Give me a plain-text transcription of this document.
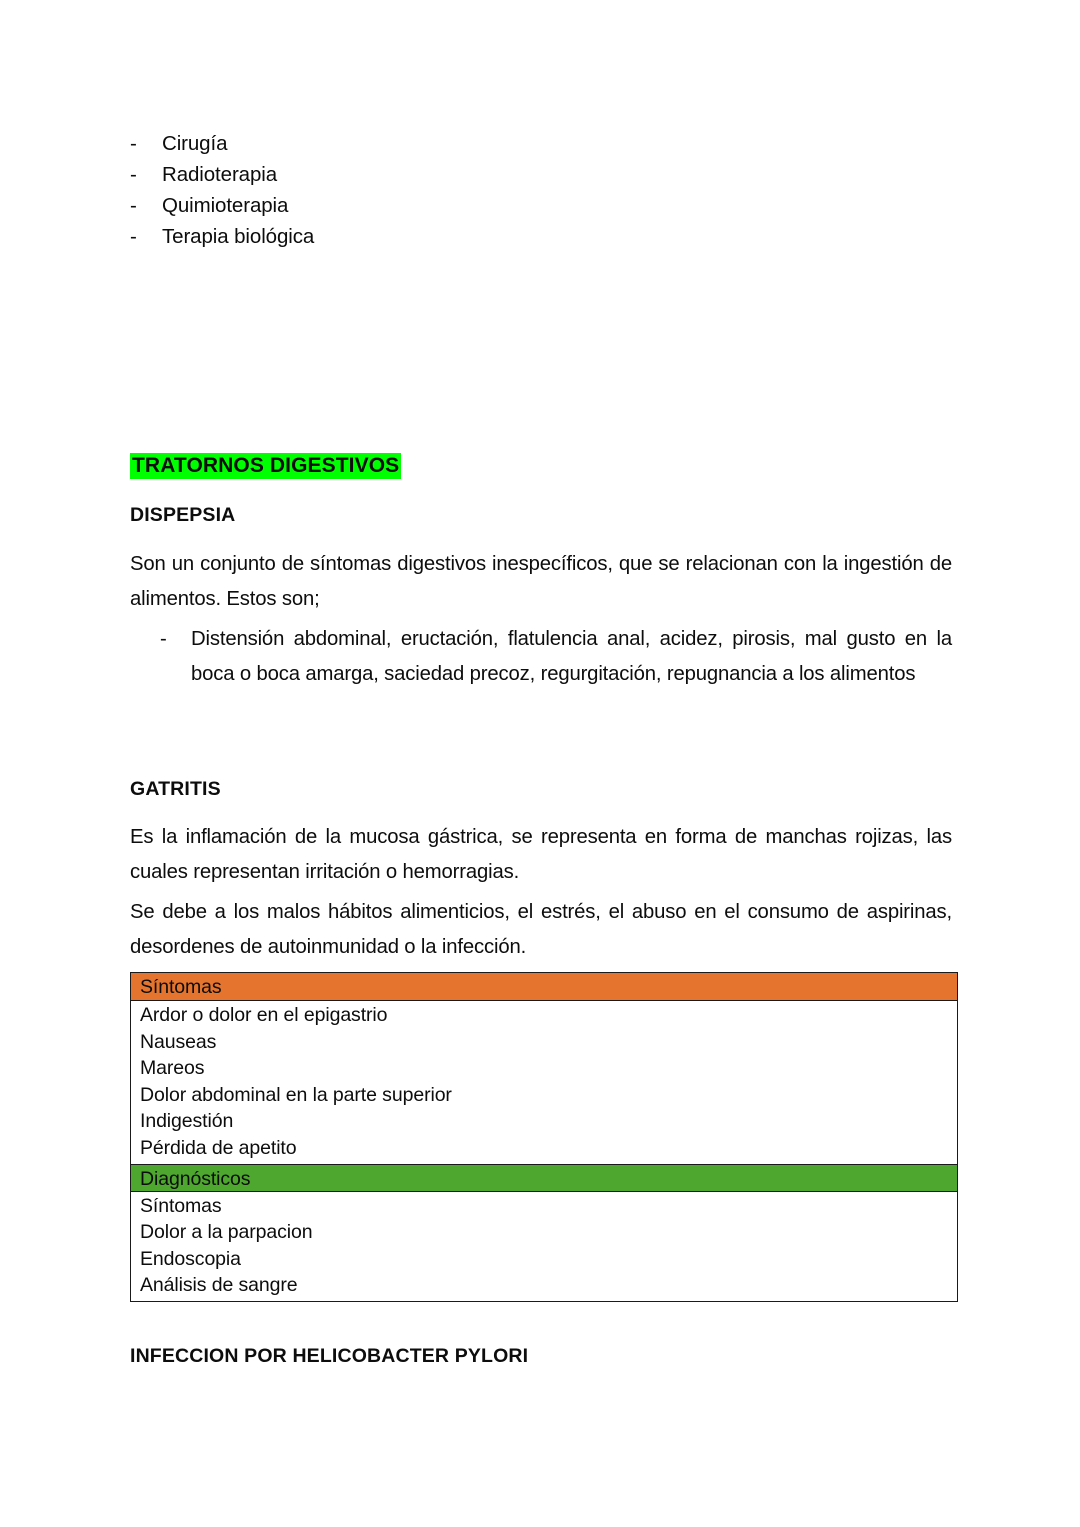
-	Cirugía
-	Radioterapia
-	Quimioterapia
-	Terapia biológica
TRATORNOS DIGESTIVOS
DISPEPSIA
Son un conjunto de síntomas digestivos inespecíficos, que se relacionan con la ingestión de alimentos. Estos son;
-	Distensión abdominal, eructación, flatulencia anal, acidez, pirosis, mal gusto en la boca o boca amarga, saciedad precoz, regurgitación, repugnancia a los alimentos
GATRITIS
Es la inflamación de la mucosa gástrica, se representa en forma de manchas rojizas, las cuales representan irritación o hemorragias.
Se debe a los malos hábitos alimenticios, el estrés, el abuso en el consumo de aspirinas, desordenes de autoinmunidad o la infección.
Síntomas
Ardor o dolor en el epigastrio
Nauseas
Mareos
Dolor abdominal en la parte superior
Indigestión
Pérdida de apetito
Diagnósticos
Síntomas
Dolor a la parpacion
Endoscopia
Análisis de sangre
INFECCION POR HELICOBACTER PYLORI
